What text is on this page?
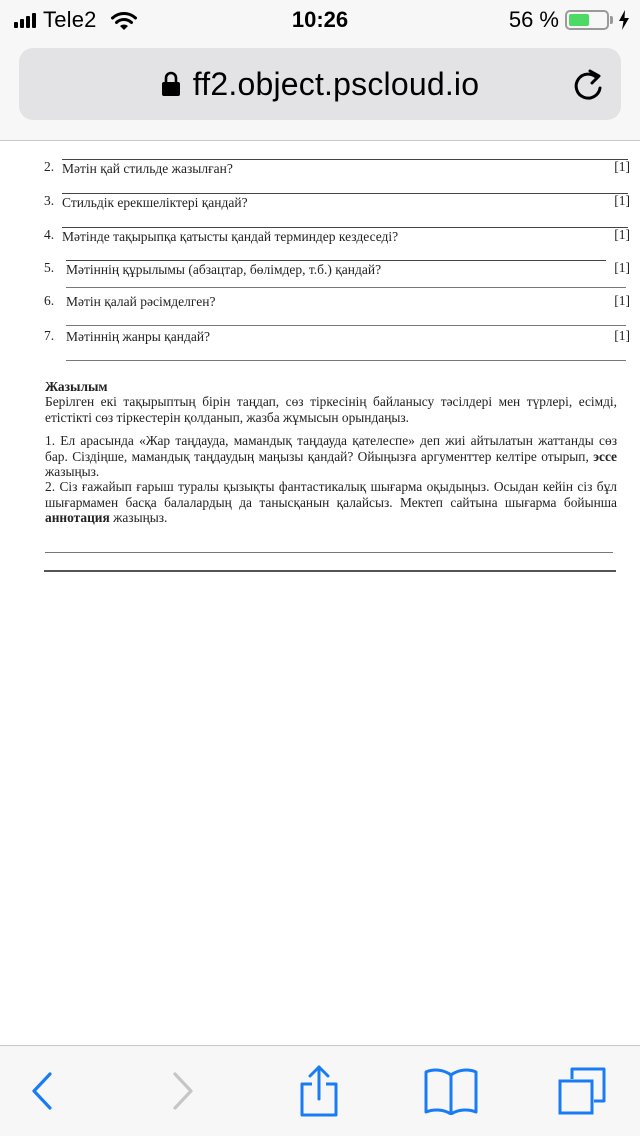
Tele2	10:26	56 %
ff2.object.pscloud.io
2. Мәтін қай стильде жазылған?	[1]
3. Стильдік ерекшеліктері қандай?	[1]
4. Мәтінде тақырыпқа қатысты қандай терминдер кездеседі?	[1]
5. Мәтіннің құрылымы (абзацтар, бөлімдер, т.б.) қандай?	[1]
6. Мәтін қалай рәсімделген?	[1]
7. Мәтіннің жанры қандай?	[1]
Жазылым

Берілген екі тақырыптың бірін таңдап, сөз тіркесінің байланысу тәсілдері мен түрлері, есімді, етістікті сөз тіркестерін қолданып, жазба жұмысын орындаңыз.

1. Ел арасында «Жар таңдауда, мамандық таңдауда қателеспе» деп жиі айтылатын жаттанды сөз бар. Сіздіңше, мамандық таңдаудың маңызы қандай? Ойыңызға аргументтер келтіре отырып, эссе жазыңыз.

2. Сіз ғажайып ғарыш туралы қызықты фантастикалық шығарма оқыдыңыз. Осыдан кейін сіз бұл шығармамен басқа балалардың да танысқанын қалайсыз. Мектеп сайтына шығарма бойынша аннотация жазыңыз.
